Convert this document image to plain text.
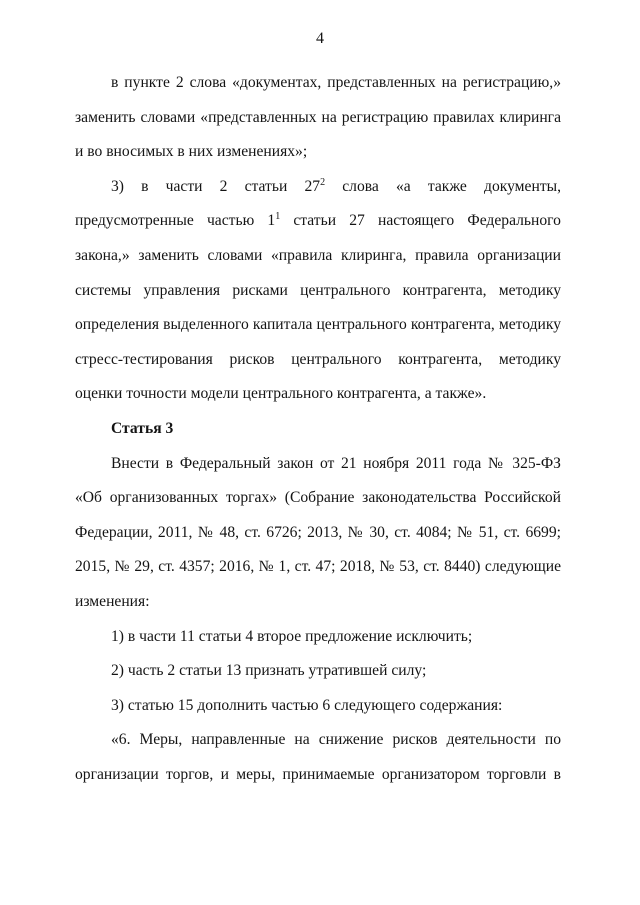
4

в пункте 2 слова «документах, представленных на регистрацию,» заменить словами «представленных на регистрацию правилах клиринга и во вносимых в них изменениях»;

3) в части 2 статьи $27^2$ слова «а также документы, предусмотренные частью $1^1$ статьи 27 настоящего Федерального закона,» заменить словами «правила клиринга, правила организации системы управления рисками центрального контрагента, методику определения выделенного капитала центрального контрагента, методику стресс-тестирования рисков центрального контрагента, методику оценки точности модели центрального контрагента, а также».

Статья 3

Внести в Федеральный закон от 21 ноября 2011 года № 325-ФЗ «Об организованных торгах» (Собрание законодательства Российской Федерации, 2011, № 48, ст. 6726; 2013, № 30, ст. 4084; № 51, ст. 6699; 2015, № 29, ст. 4357; 2016, № 1, ст. 47; 2018, № 53, ст. 8440) следующие изменения:

1) в части 11 статьи 4 второе предложение исключить;

2) часть 2 статьи 13 признать утратившей силу;

3) статью 15 дополнить частью 6 следующего содержания:

«6. Меры, направленные на снижение рисков деятельности по организации торгов, и меры, принимаемые организатором торговли в
